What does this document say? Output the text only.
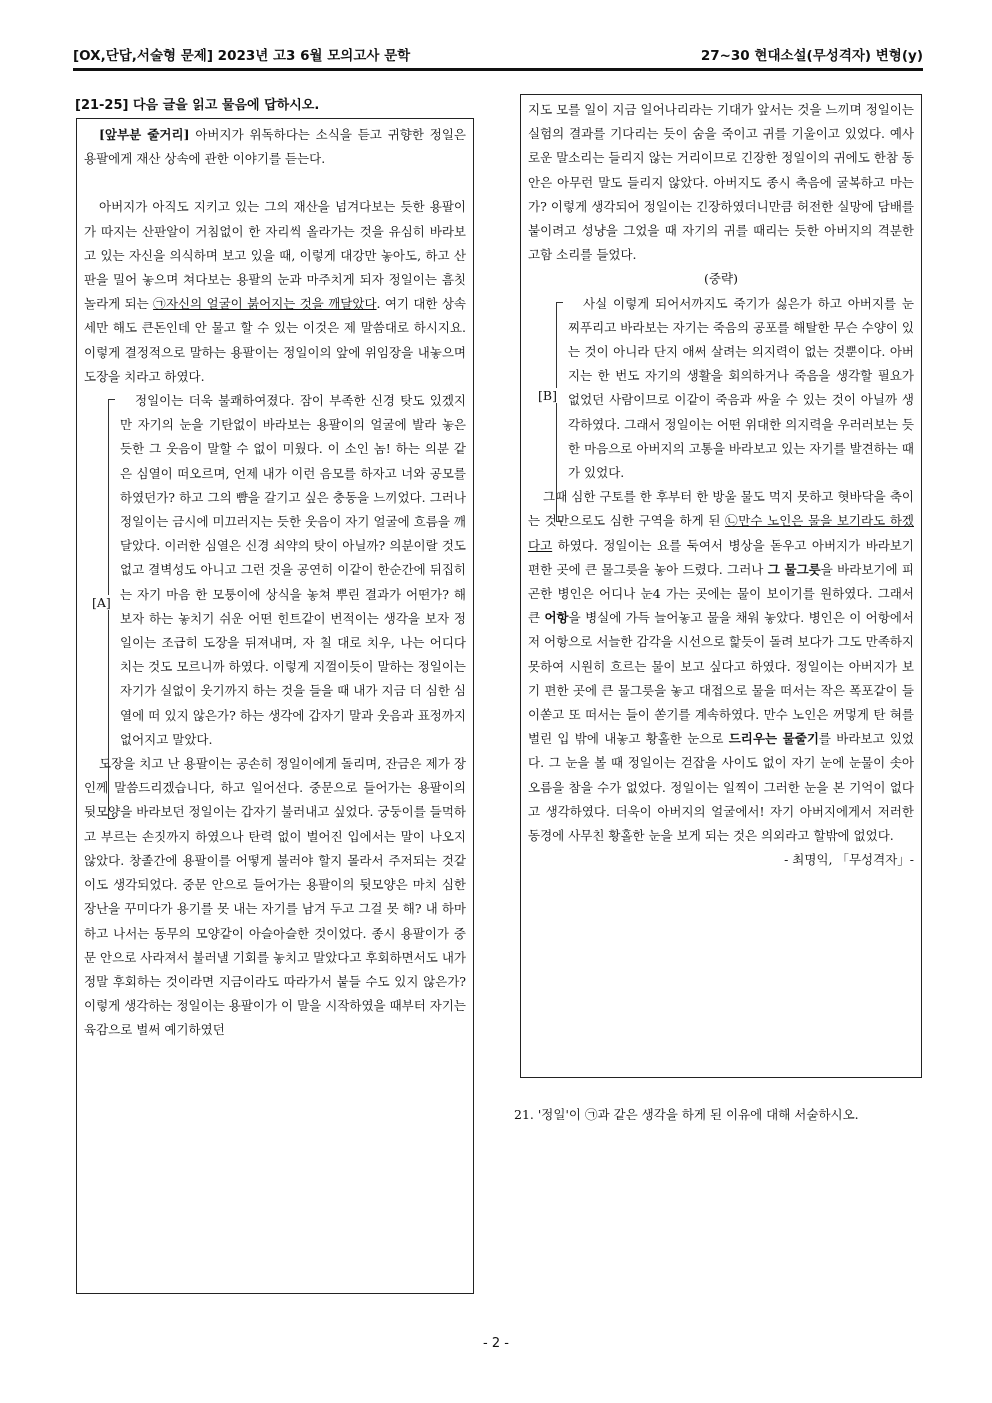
[OX,단답,서술형 문제] 2023년 고3 6월 모의고사 문학	27~30 현대소설(무성격자) 변형(y)
[21-25] 다음 글을 읽고 물음에 답하시오.

[앞부분 줄거리] 아버지가 위독하다는 소식을 듣고 귀향한 정일은 용팔에게 재산 상속에 관한 이야기를 듣는다.

아버지가 아직도 지키고 있는 그의 재산을 넘겨다보는 듯한 용팔이가 따지는 산판알이 거침없이 한 자리씩 올라가는 것을 유심히 바라보고 있는 자신을 의식하며 보고 있을 때, 이렇게 대강만 놓아도, 하고 산판을 밀어 놓으며 쳐다보는 용팔의 눈과 마주치게 되자 정일이는 흠칫 놀라게 되는 ㉠자신의 얼굴이 붉어지는 것을 깨달았다. 여기 대한 상속세만 해도 큰돈인데 안 물고 할 수 있는 이것은 제 말씀대로 하시지요. 이렇게 결정적으로 말하는 용팔이는 정일이의 앞에 위임장을 내놓으며 도장을 치라고 하였다.

[A]

정일이는 더욱 불쾌하여졌다. 잠이 부족한 신경 탓도 있겠지만 자기의 눈을 기탄없이 바라보는 용팔이의 얼굴에 발라 놓은 듯한 그 웃음이 말할 수 없이 미웠다. 이 소인 놈! 하는 의분 같은 심열이 떠오르며, 언제 내가 이런 음모를 하자고 너와 공모를 하였던가? 하고 그의 뺨을 갈기고 싶은 충동을 느끼었다. 그러나 정일이는 금시에 미끄러지는 듯한 웃음이 자기 얼굴에 흐름을 깨달았다. 이러한 심열은 신경 쇠약의 탓이 아닐까? 의분이랄 것도 없고 결벽성도 아니고 그런 것을 공연히 이같이 한순간에 뒤집히는 자기 마음 한 모퉁이에 상식을 놓쳐 뿌린 결과가 어떤가? 해 보자 하는 놓치기 쉬운 어떤 힌트같이 번적이는 생각을 보자 정일이는 조급히 도장을 뒤져내며, 자 칠 대로 치우, 나는 어디다 치는 것도 모르니까 하였다. 이렇게 지껄이듯이 말하는 정일이는 자기가 실없이 웃기까지 하는 것을 들을 때 내가 지금 더 심한 심열에 떠 있지 않은가? 하는 생각에 갑자기 말과 웃음과 표정까지 없어지고 말았다.

도장을 치고 난 용팔이는 공손히 정일이에게 돌리며, 잔금은 제가 장인께 말씀드리겠습니다, 하고 일어선다. 중문으로 들어가는 용팔이의 뒷모양을 바라보던 정일이는 갑자기 불러내고 싶었다. 궁둥이를 들먹하고 부르는 손짓까지 하였으나 탄력 없이 벌어진 입에서는 말이 나오지 않았다. 창졸간에 용팔이를 어떻게 불러야 할지 몰라서 주저되는 것같이도 생각되었다. 중문 안으로 들어가는 용팔이의 뒷모양은 마치 심한 장난을 꾸미다가 용기를 못 내는 자기를 남겨 두고 그걸 못 해? 내 하마 하고 나서는 동무의 모양같이 아슬아슬한 것이었다. 종시 용팔이가 중문 안으로 사라져서 불러낼 기회를 놓치고 말았다고 후회하면서도 내가 정말 후회하는 것이라면 지금이라도 따라가서 붙들 수도 있지 않은가? 이렇게 생각하는 정일이는 용팔이가 이 말을 시작하였을 때부터 자기는 육감으로 벌써 예기하였던

지도 모를 일이 지금 일어나리라는 기대가 앞서는 것을 느끼며 정일이는 실험의 결과를 기다리는 듯이 숨을 죽이고 귀를 기울이고 있었다. 예사로운 말소리는 들리지 않는 거리이므로 긴장한 정일이의 귀에도 한참 동안은 아무런 말도 들리지 않았다. 아버지도 종시 축음에 굴복하고 마는가? 이렇게 생각되어 정일이는 긴장하였더니만큼 허전한 실망에 담배를 붙이려고 성냥을 그었을 때 자기의 귀를 때리는 듯한 아버지의 격분한 고함 소리를 들었다.

(중략)

[B]

사실 이렇게 되어서까지도 죽기가 싫은가 하고 아버지를 눈 찌푸리고 바라보는 자기는 죽음의 공포를 해탈한 무슨 수양이 있는 것이 아니라 단지 애써 살려는 의지력이 없는 것뿐이다. 아버지는 한 번도 자기의 생활을 회의하거나 죽음을 생각할 필요가 없었던 사람이므로 이같이 죽음과 싸울 수 있는 것이 아닐까 생각하였다. 그래서 정일이는 어떤 위대한 의지력을 우러러보는 듯한 마음으로 아버지의 고통을 바라보고 있는 자기를 발견하는 때가 있었다.

그때 심한 구토를 한 후부터 한 방울 물도 먹지 못하고 혓바닥을 축이는 것만으로도 심한 구역을 하게 된 ㉡만수 노인은 물을 보기라도 하겠다고 하였다. 정일이는 요를 둑여서 병상을 돋우고 아버지가 바라보기 편한 곳에 큰 물그릇을 놓아 드렸다. 그러나 그 물그릇을 바라보기에 피곤한 병인은 어디나 눈4 가는 곳에는 물이 보이기를 원하였다. 그래서 큰 어항을 병실에 가득 늘어놓고 물을 채워 놓았다. 병인은 이 어항에서 저 어항으로 서늘한 감각을 시선으로 핥듯이 돌려 보다가 그도 만족하지 못하여 시원히 흐르는 물이 보고 싶다고 하였다. 정일이는 아버지가 보기 편한 곳에 큰 물그릇을 놓고 대접으로 물을 떠서는 작은 폭포같이 들이쏟고 또 떠서는 들이 쏟기를 계속하였다. 만수 노인은 꺼멓게 탄 혀를 벌린 입 밖에 내놓고 황홀한 눈으로 드리우는 물줄기를 바라보고 있었다. 그 눈을 볼 때 정일이는 걷잡을 사이도 없이 자기 눈에 눈물이 솟아 오름을 참을 수가 없었다. 정일이는 일찍이 그러한 눈을 본 기억이 없다고 생각하였다. 더욱이 아버지의 얼굴에서! 자기 아버지에게서 저러한 동경에 사무친 황홀한 눈을 보게 되는 것은 의외라고 할밖에 없었다.

- 최명익, 「무성격자」-

21. '정일'이 ㉠과 같은 생각을 하게 된 이유에 대해 서술하시오.

- 2 -
